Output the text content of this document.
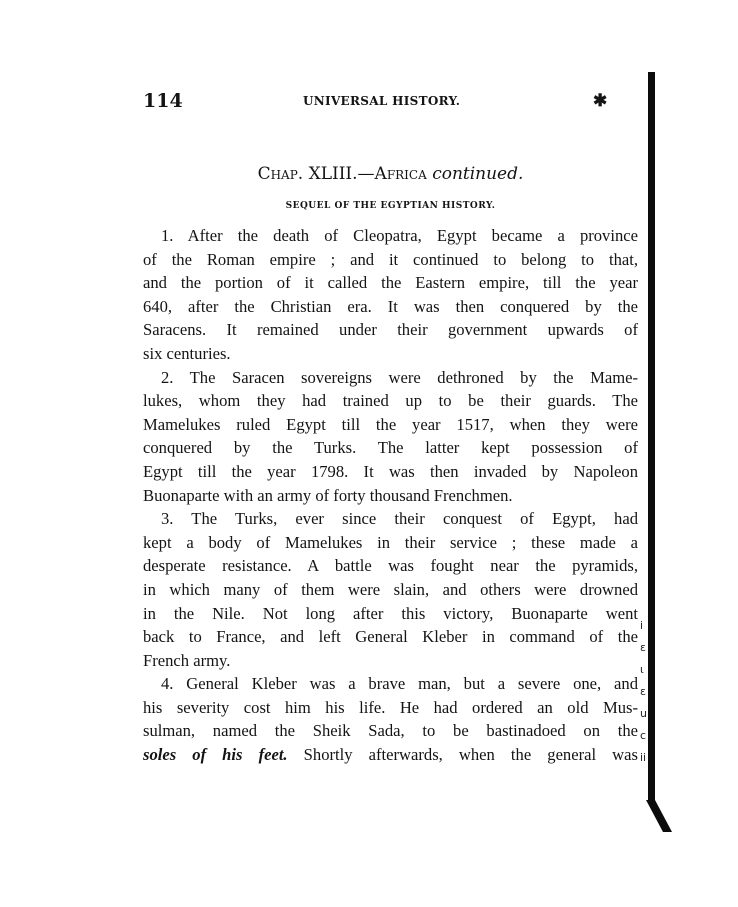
114	UNIVERSAL HISTORY.	✱
Chap. XLIII.—Africa continued.
SEQUEL OF THE EGYPTIAN HISTORY.
1. After the death of Cleopatra, Egypt became a province
of the Roman empire ; and it continued to belong to that,
and the portion of it called the Eastern empire, till the year
640, after the Christian era. It was then conquered by the
Saracens. It remained under their government upwards of
six centuries.
2. The Saracen sovereigns were dethroned by the Mame-
lukes, whom they had trained up to be their guards. The
Mamelukes ruled Egypt till the year 1517, when they were
conquered by the Turks. The latter kept possession of
Egypt till the year 1798. It was then invaded by Napoleon
Buonaparte with an army of forty thousand Frenchmen.
3. The Turks, ever since their conquest of Egypt, had
kept a body of Mamelukes in their service ; these made a
desperate resistance. A battle was fought near the pyramids,
in which many of them were slain, and others were drowned
in the Nile. Not long after this victory, Buonaparte went
back to France, and left General Kleber in command of the
French army.
4. General Kleber was a brave man, but a severe one, and
his severity cost him his life. He had ordered an old Mus-
sulman, named the Sheik Sada, to be bastinadoed on the
soles of his feet. Shortly afterwards, when the general was
i
ɛ
ι
ɛ
u
c
ii
